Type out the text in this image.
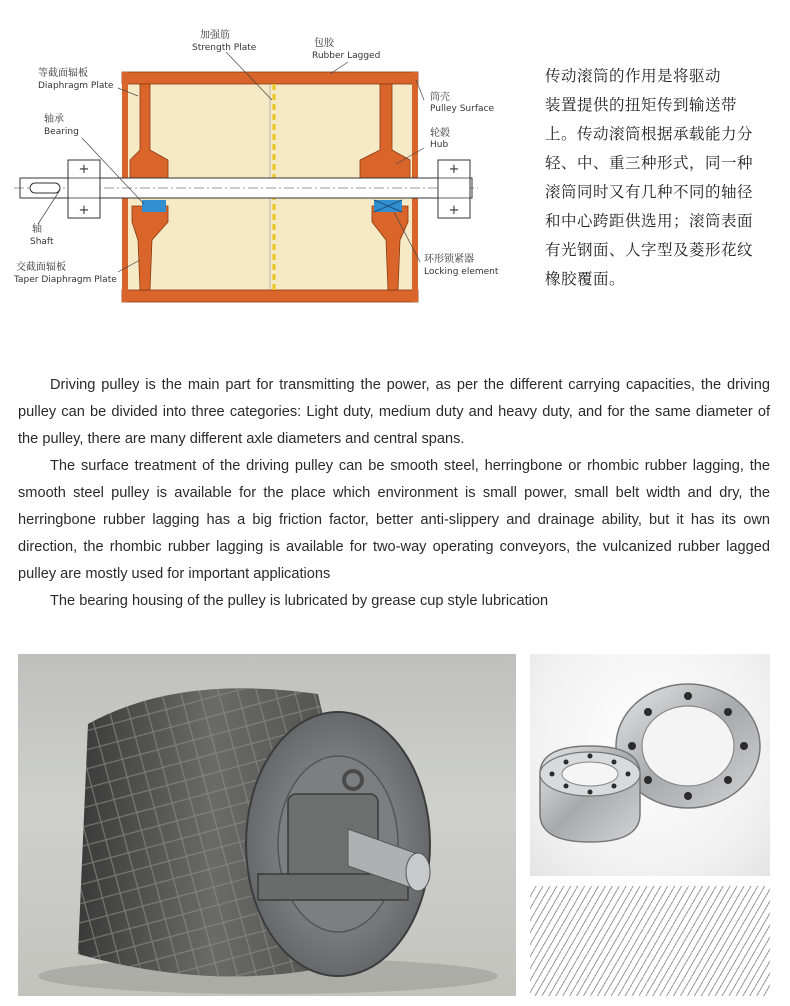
+
+
+
+
加强筋
Strength Plate	包胶
Rubber Lagged
等截面辐板
Diaphragm Plate
筒壳
Pulley Surface
轴承
Bearing	轮毂
Hub
轴
Shaft
交截面辐板
Taper Diaphragm Plate
环形锁紧器
Locking element
传动滚筒的作用是将驱动
装置提供的扭矩传到输送带
上。传动滚筒根据承载能力分
轻、中、重三种形式，同一种
滚筒同时又有几种不同的轴径
和中心跨距供选用；滚筒表面
有光钢面、人字型及菱形花纹
橡胶覆面。

Driving pulley is the main part for transmitting the power, as per the different carrying capacities, the driving pulley can be divided into three categories: Light duty, medium duty and heavy duty, and for the same diameter of the pulley, there are many different axle diameters and central spans.

The surface treatment of the driving pulley can be smooth steel, herringbone or rhombic rubber lagging, the smooth steel pulley is available for the place which environment is small power, small belt width and dry, the herringbone rubber lagging has a big friction factor, better anti-slippery and drainage ability, but it has its own direction, the rhombic rubber lagging is available for two-way operating conveyors, the vulcanized rubber lagged pulley are mostly used for important applications

The bearing housing of the pulley is lubricated by grease cup style lubrication
